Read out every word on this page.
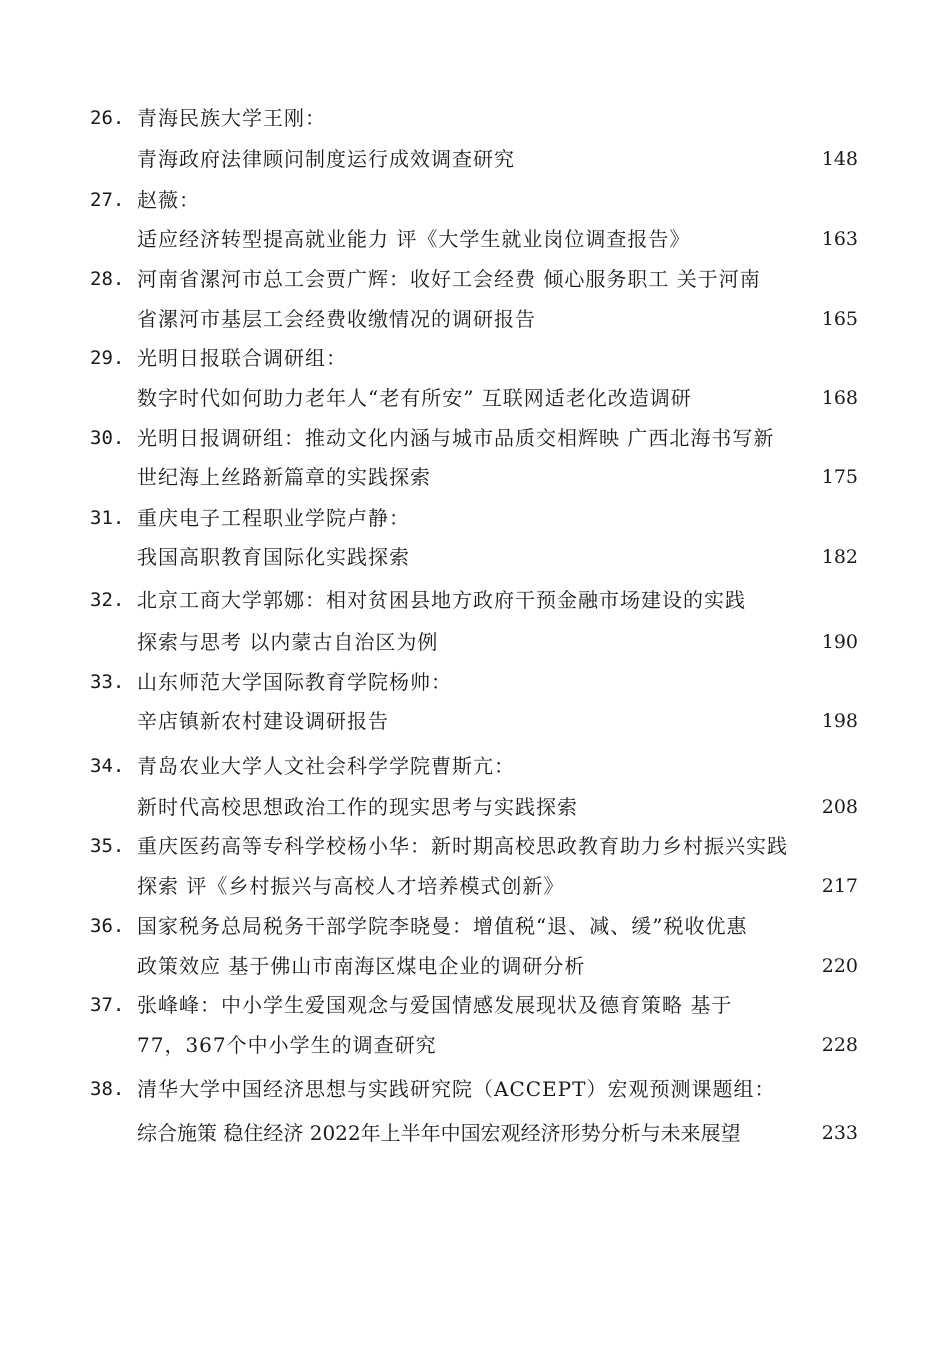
26. 青海民族大学王刚：
青海政府法律顾问制度运行成效调查研究	148
27. 赵薇：
适应经济转型提高就业能力 评《大学生就业岗位调查报告》	163
28. 河南省漯河市总工会贾广辉：收好工会经费 倾心服务职工 关于河南
省漯河市基层工会经费收缴情况的调研报告	165
29. 光明日报联合调研组：
数字时代如何助力老年人“老有所安” 互联网适老化改造调研	168
30. 光明日报调研组：推动文化内涵与城市品质交相辉映 广西北海书写新
世纪海上丝路新篇章的实践探索	175
31. 重庆电子工程职业学院卢静：
我国高职教育国际化实践探索	182
32. 北京工商大学郭娜：相对贫困县地方政府干预金融市场建设的实践
探索与思考 以内蒙古自治区为例	190
33. 山东师范大学国际教育学院杨帅：
辛店镇新农村建设调研报告	198
34. 青岛农业大学人文社会科学学院曹斯亢：
新时代高校思想政治工作的现实思考与实践探索	208
35. 重庆医药高等专科学校杨小华：新时期高校思政教育助力乡村振兴实践
探索 评《乡村振兴与高校人才培养模式创新》	217
36. 国家税务总局税务干部学院李晓曼：增值税“退、减、缓”税收优惠
政策效应 基于佛山市南海区煤电企业的调研分析	220
37. 张峰峰：中小学生爱国观念与爱国情感发展现状及德育策略 基于
77，367个中小学生的调查研究	228
38. 清华大学中国经济思想与实践研究院（ACCEPT）宏观预测课题组：
综合施策 稳住经济 2022年上半年中国宏观经济形势分析与未来展望	233
